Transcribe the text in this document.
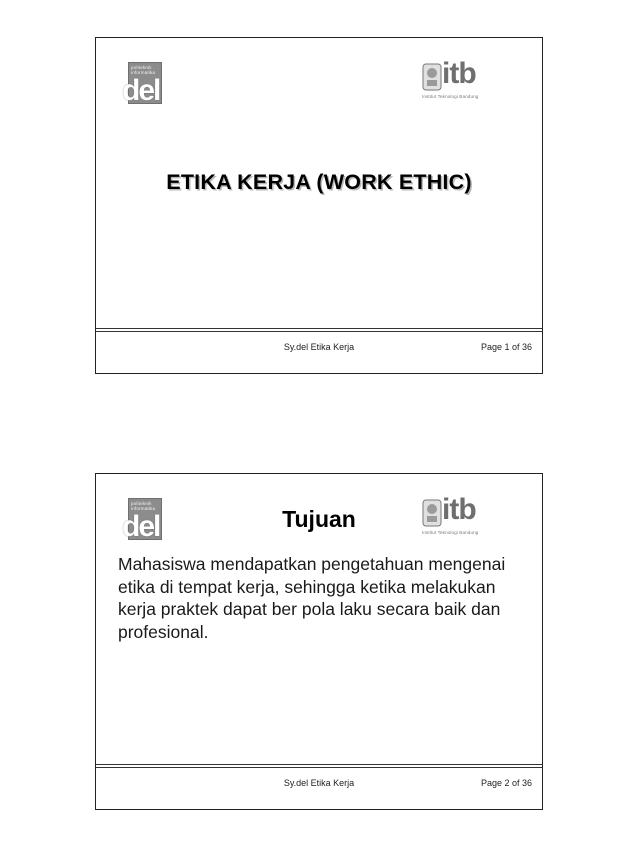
politeknik informatika
del
itb
Institut Teknologi Bandung
ETIKA KERJA (WORK ETHIC)
Sy.del Etika Kerja	Page 1 of 36
politeknik informatika
del
itb
Institut Teknologi Bandung
Tujuan
Mahasiswa mendapatkan pengetahuan mengenai etika di tempat kerja, sehingga ketika melakukan kerja praktek dapat ber pola laku secara baik dan profesional.
Sy.del Etika Kerja	Page 2 of 36
